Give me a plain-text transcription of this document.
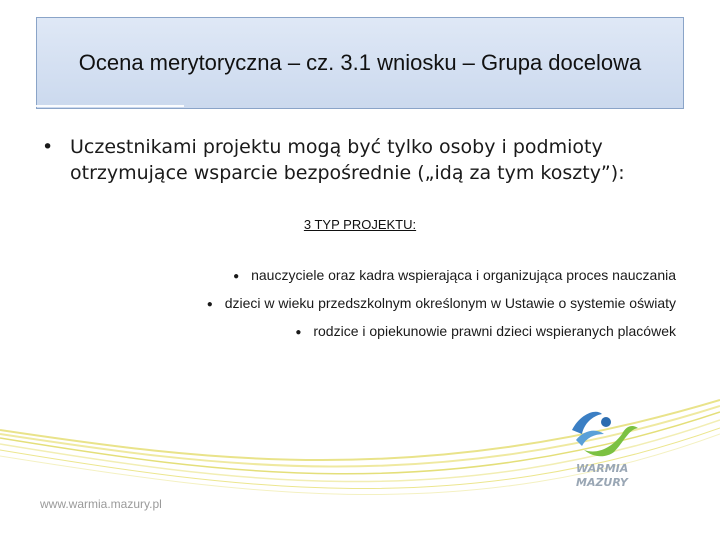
Ocena merytoryczna – cz. 3.1 wniosku – Grupa docelowa
• Uczestnikami projektu mogą być tylko osoby i podmioty otrzymujące wsparcie bezpośrednie („idą za tym koszty”):
3 TYP PROJEKTU:
● nauczyciele oraz kadra wspierająca i organizująca proces nauczania
● dzieci w wieku przedszkolnym określonym w Ustawie o systemie oświaty
● rodzice i opiekunowie prawni dzieci wspieranych placówek
WARMIA
MAZURY
www.warmia.mazury.pl
